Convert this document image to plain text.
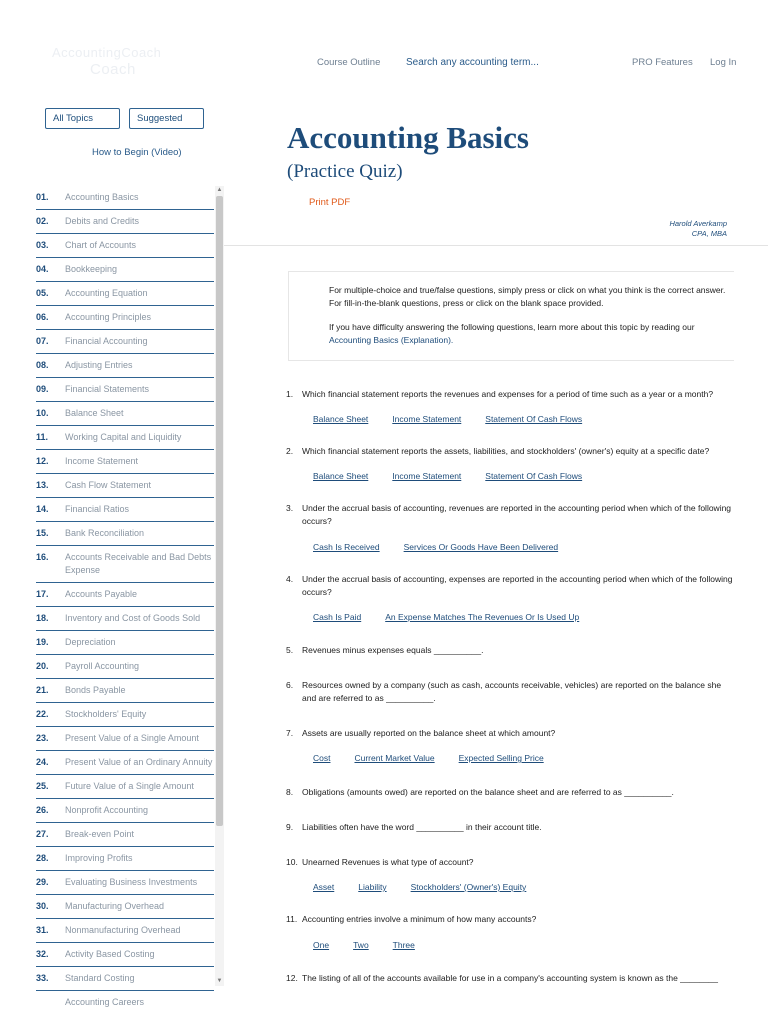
AccountingCoach
Coach	Course Outline	Search any accounting term...	PRO Features Log In
All Topics	Suggested
How to Begin (Video)
01.	Accounting Basics
02.	Debits and Credits
03.	Chart of Accounts
04.	Bookkeeping
05.	Accounting Equation
06.	Accounting Principles
07.	Financial Accounting
08.	Adjusting Entries
09.	Financial Statements
10.	Balance Sheet
11.	Working Capital and Liquidity
12.	Income Statement
13.	Cash Flow Statement
14.	Financial Ratios
15.	Bank Reconciliation
16.	Accounts Receivable and Bad Debts Expense
17.	Accounts Payable
18.	Inventory and Cost of Goods Sold
19.	Depreciation
20.	Payroll Accounting
21.	Bonds Payable
22.	Stockholders' Equity
23.	Present Value of a Single Amount
24.	Present Value of an Ordinary Annuity
25.	Future Value of a Single Amount
26.	Nonprofit Accounting
27.	Break-even Point
28.	Improving Profits
29.	Evaluating Business Investments
30.	Manufacturing Overhead
31.	Nonmanufacturing Overhead
32.	Activity Based Costing
33.	Standard Costing
Accounting Careers
▲
▼
Accounting Basics
(Practice Quiz)
Print PDF
Harold Averkamp
CPA, MBA

For multiple-choice and true/false questions, simply press or click on what you think is the correct answer. For fill-in-the-blank questions, press or click on the blank space provided.

If you have difficulty answering the following questions, learn more about this topic by reading our Accounting Basics (Explanation).

1. Which financial statement reports the revenues and expenses for a period of time such as a year or a month?
Balance Sheet	Income Statement	Statement Of Cash Flows
2. Which financial statement reports the assets, liabilities, and stockholders' (owner's) equity at a specific date?
Balance Sheet	Income Statement	Statement Of Cash Flows
3. Under the accrual basis of accounting, revenues are reported in the accounting period when which of the following occurs?
Cash Is Received	Services Or Goods Have Been Delivered
4. Under the accrual basis of accounting, expenses are reported in the accounting period when which of the following occurs?
Cash Is Paid	An Expense Matches The Revenues Or Is Used Up
5. Revenues minus expenses equals __________.
6. Resources owned by a company (such as cash, accounts receivable, vehicles) are reported on the balance she and are referred to as __________.
7. Assets are usually reported on the balance sheet at which amount?
Cost	Current Market Value	Expected Selling Price
8. Obligations (amounts owed) are reported on the balance sheet and are referred to as __________.
9. Liabilities often have the word __________ in their account title.
10. Unearned Revenues is what type of account?
Asset	Liability	Stockholders' (Owner's) Equity
11. Accounting entries involve a minimum of how many accounts?
One	Two	Three
12. The listing of all of the accounts available for use in a company's accounting system is known as the ________
